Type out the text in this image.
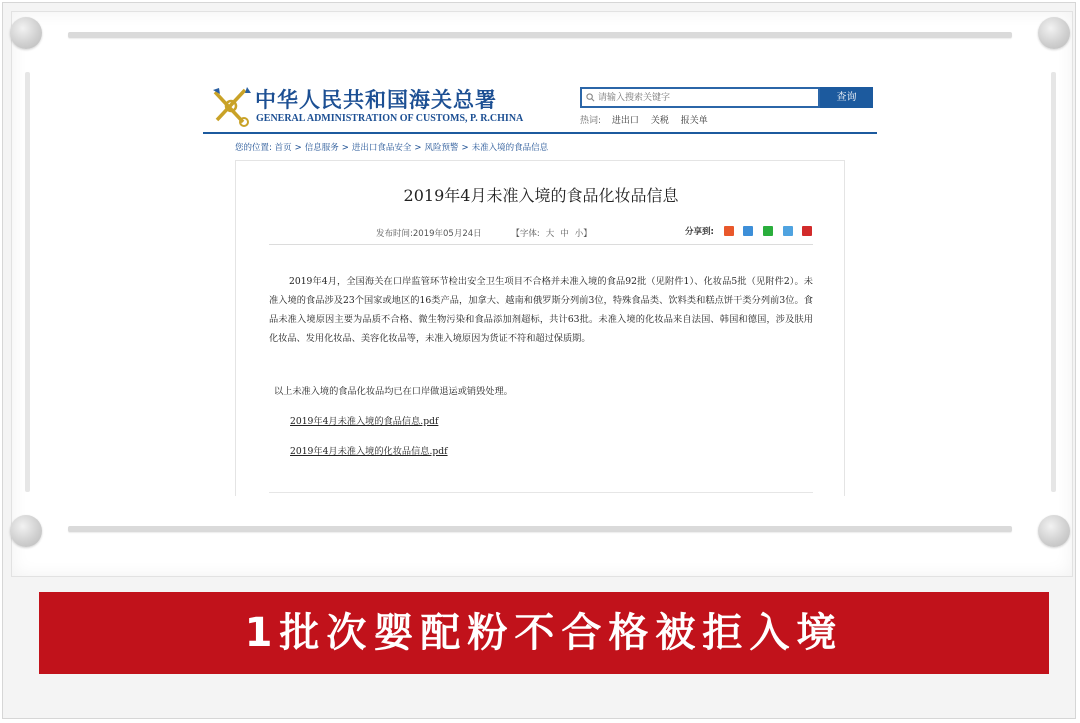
中华人民共和国海关总署
GENERAL ADMINISTRATION OF CUSTOMS, P. R.CHINA
请输入搜索关键字
查询
热词: 进出口 关税 报关单
您的位置: 首页 > 信息服务 > 进出口食品安全 > 风险预警 > 未准入境的食品信息
2019年4月未准入境的食品化妆品信息
发布时间:2019年05月24日	【字体: 大 中 小】	分享到:
2019年4月，全国海关在口岸监管环节检出安全卫生项目不合格并未准入境的食品92批（见附件1）、化妆品5批（见附件2）。未准入境的食品涉及23个国家或地区的16类产品，加拿大、越南和俄罗斯分列前3位，特殊食品类、饮料类和糕点饼干类分列前3位。食品未准入境原因主要为品质不合格、微生物污染和食品添加剂超标，共计63批。未准入境的化妆品来自法国、韩国和德国，涉及肤用化妆品、发用化妆品、美容化妆品等，未准入境原因为货证不符和超过保质期。
以上未准入境的食品化妆品均已在口岸做退运或销毁处理。
2019年4月未准入境的食品信息.pdf
2019年4月未准入境的化妆品信息.pdf
1批次婴配粉不合格被拒入境
